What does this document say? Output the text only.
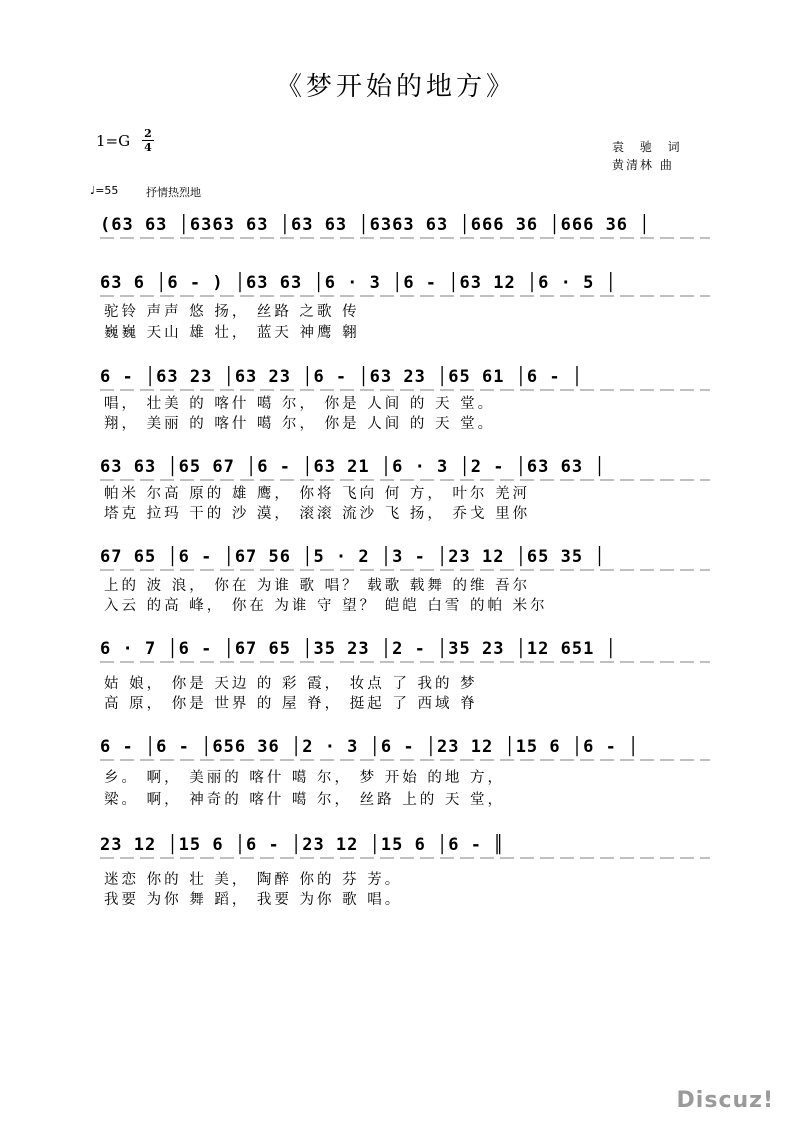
《梦开始的地方》
1=G 2
4	袁 驰 词
黄清林 曲
♩=55	抒情热烈地
(63 63 │6363 63 │63 63 │6363 63 │666 36 │666 36 │
63 6 │6 - ) │63 63 │6 · 3 │6 - │63 12 │6 · 5 │
驼铃 声声 悠 扬， 丝路 之歌 传
巍巍 天山 雄 壮， 蓝天 神鹰 翱
6 - │63 23 │63 23 │6 - │63 23 │65 61 │6 - │
唱， 壮美 的 喀什 噶 尔， 你是 人间 的 天 堂。
翔， 美丽 的 喀什 噶 尔， 你是 人间 的 天 堂。
63 63 │65 67 │6 - │63 21 │6 · 3 │2 - │63 63 │
帕米 尔高 原的 雄 鹰， 你将 飞向 何 方， 叶尔 羌河
塔克 拉玛 干的 沙 漠， 滚滚 流沙 飞 扬， 乔戈 里你
67 65 │6 - │67 56 │5 · 2 │3 - │23 12 │65 35 │
上的 波 浪， 你在 为谁 歌 唱？ 载歌 载舞 的维 吾尔
入云 的高 峰， 你在 为谁 守 望？ 皑皑 白雪 的帕 米尔
6 · 7 │6 - │67 65 │35 23 │2 - │35 23 │12 651 │
姑 娘， 你是 天边 的 彩 霞， 妆点 了 我的 梦
高 原， 你是 世界 的 屋 脊， 挺起 了 西域 脊
6 - │6 - │656 36 │2 · 3 │6 - │23 12 │15 6 │6 - │
乡。 啊， 美丽的 喀什 噶 尔， 梦 开始 的地 方，
梁。 啊， 神奇的 喀什 噶 尔， 丝路 上的 天 堂，
23 12 │15 6 │6 - │23 12 │15 6 │6 - ║
迷恋 你的 壮 美， 陶醉 你的 芬 芳。
我要 为你 舞 蹈， 我要 为你 歌 唱。
Discuz!
